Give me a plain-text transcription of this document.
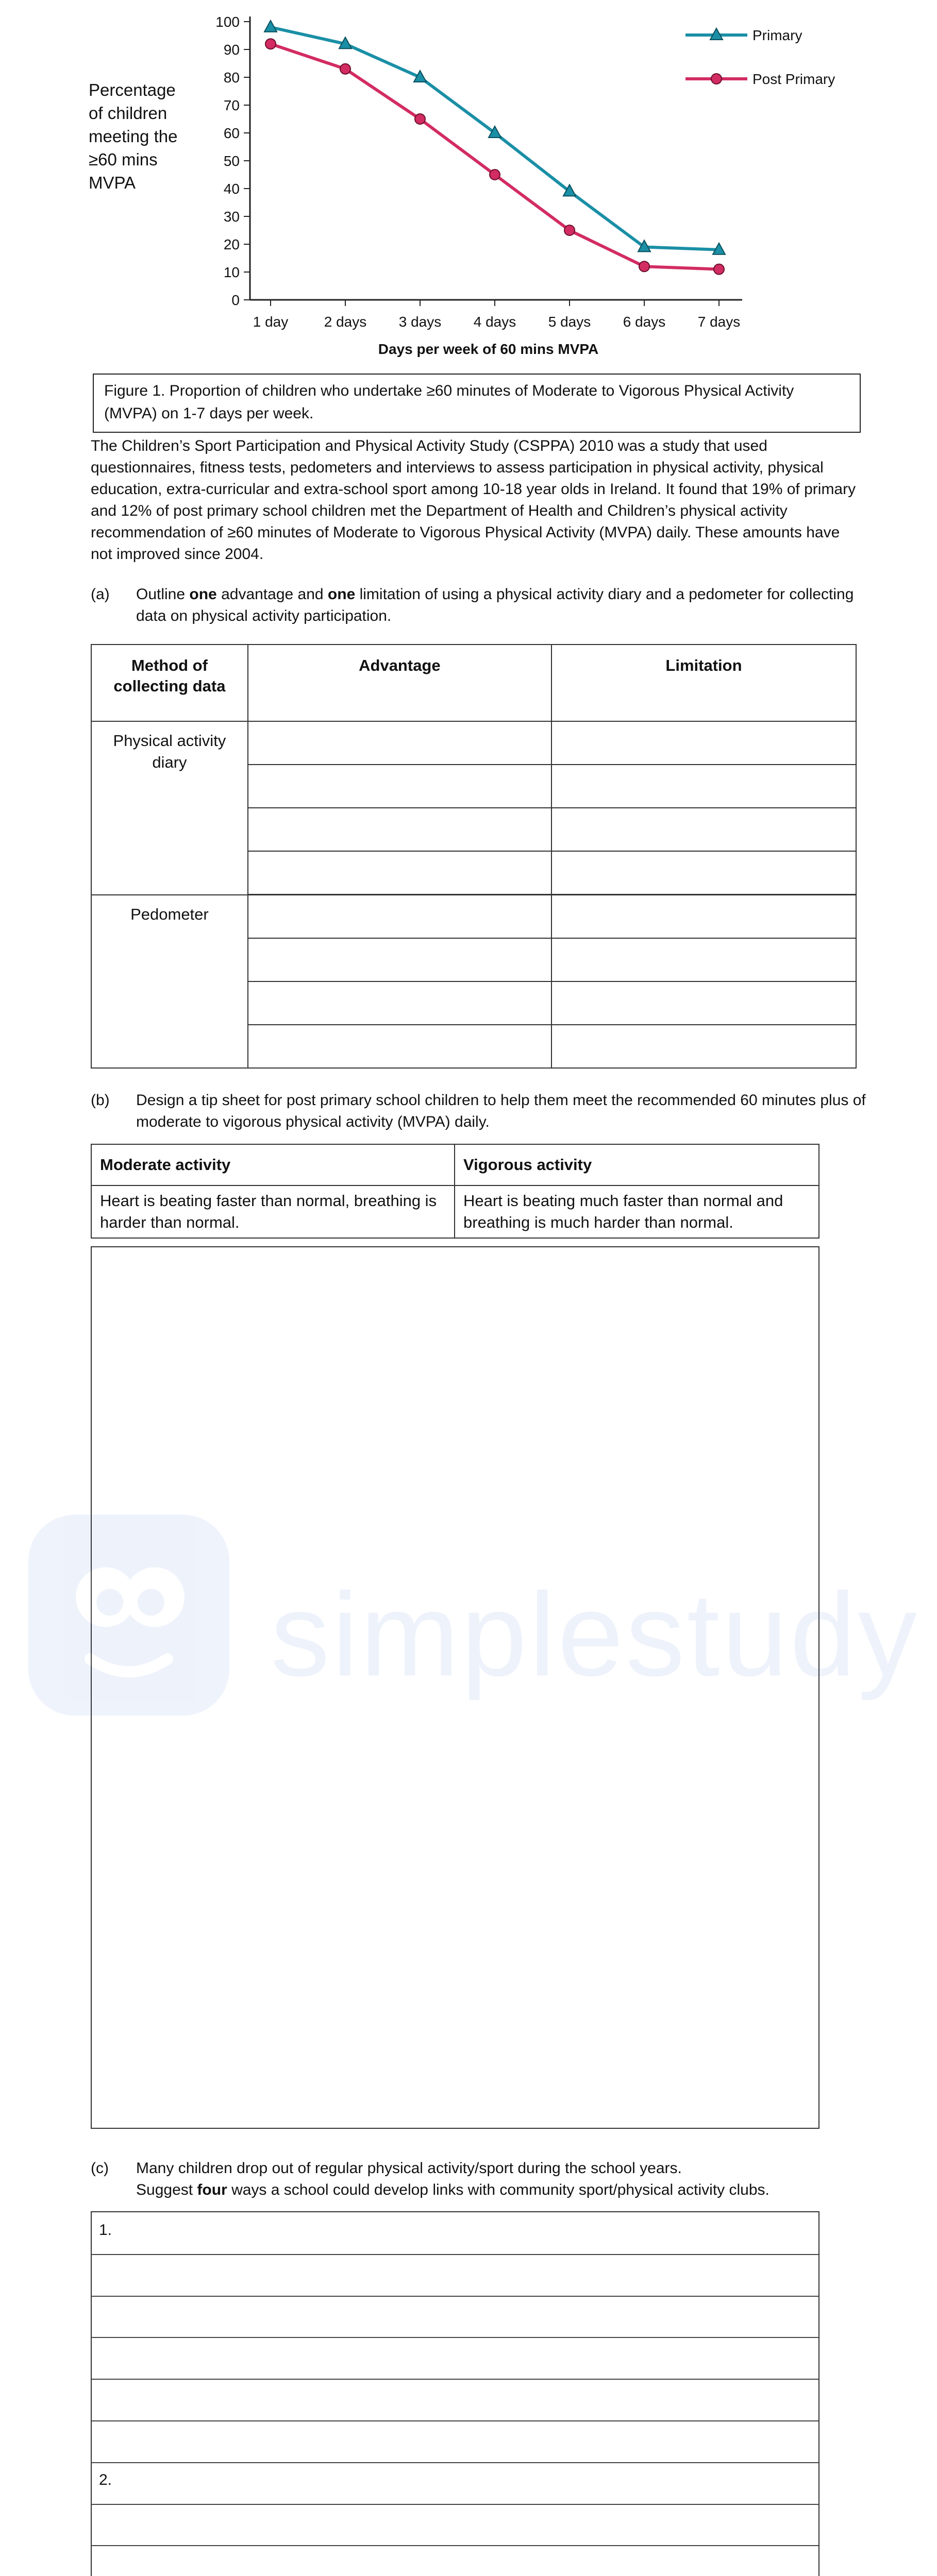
0
10
20
30
40
50
60
70
80
90
100
1 day 2 days 3 days 4 days 5 days 6 days 7 days
Days per week of 60 mins MVPA
Primary
Post Primary
Percentage
of children
meeting the
≥60 mins
MVPA
Figure 1. Proportion of children who undertake ≥60 minutes of Moderate to Vigorous Physical Activity (MVPA) on 1-7 days per week.
The Children’s Sport Participation and Physical Activity Study (CSPPA) 2010 was a study that used questionnaires, fitness tests, pedometers and interviews to assess participation in physical activity, physical education, extra-curricular and extra-school sport among 10-18 year olds in Ireland. It found that 19% of primary and 12% of post primary school children met the Department of Health and Children’s physical activity recommendation of ≥60 minutes of Moderate to Vigorous Physical Activity (MVPA) daily. These amounts have not improved since 2004.
(a) Outline one advantage and one limitation of using a physical activity diary and a pedometer for collecting data on physical activity participation.
Method of collecting data	Advantage	Limitation
Physical activity diary		

Pedometer		

(b) Design a tip sheet for post primary school children to help them meet the recommended 60 minutes plus of moderate to vigorous physical activity (MVPA) daily.
Moderate activity	Vigorous activity
Heart is beating faster than normal, breathing is harder than normal.	Heart is beating much faster than normal and breathing is much harder than normal.
simplestudy
(c) Many children drop out of regular physical activity/sport during the school years.
Suggest four ways a school could develop links with community sport/physical activity clubs.
1.
2.
